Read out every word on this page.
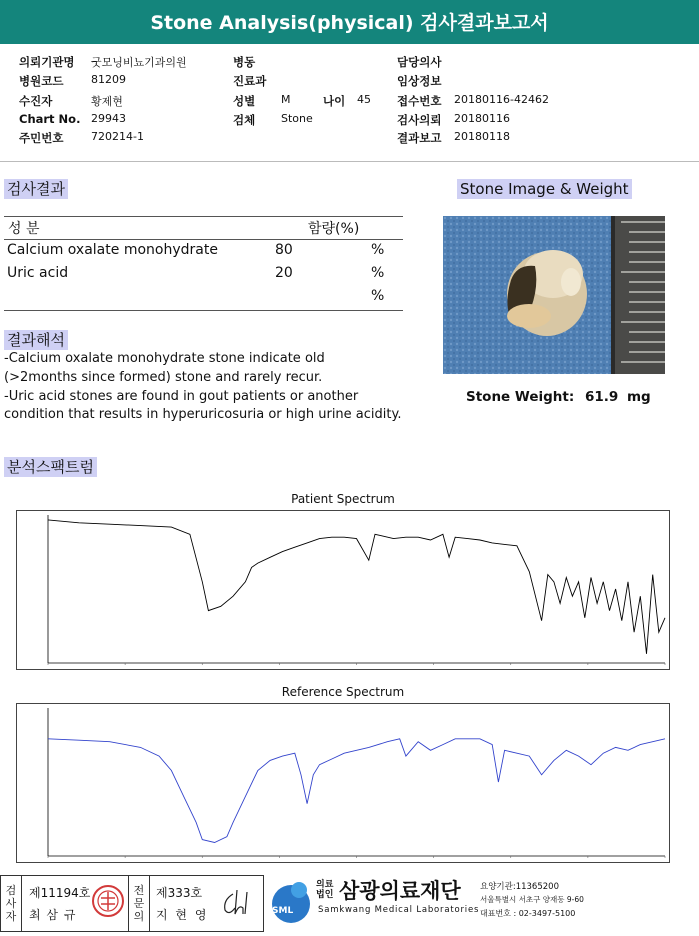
Stone Analysis(physical) 검사결과보고서
의뢰기관명 굿모닝비뇨기과의원
병원코드	81209
수진자	황제현
Chart No. 29943
주민번호	720214-1
병동
진료과
성별 M
검체 Stone
나이 45
담당의사
임상정보
접수번호 20180116-42462
검사의뢰 20180116
결과보고 20180118
검사결과
성 분	함량(%)
Calcium oxalate monohydrate	80	%
Uric acid	20	%
%
Stone Image & Weight
Stone Weight: 61.9 mg
결과해석
-Calcium oxalate monohydrate stone indicate old
(>2months since formed) stone and rarely recur.
-Uric acid stones are found in gout patients or another
condition that results in hyperuricosuria or high urine acidity.
분석스팩트럼
Patient Spectrum
Reference Spectrum
검사자
제11194호
최 삼 규
전문의
제333호
지 현 영	SML
의료
법인 삼광의료재단
Samkwang Medical Laboratories
요양기관:11365200
서울특별시 서초구 양재동 9-60
대표번호 : 02-3497-5100
